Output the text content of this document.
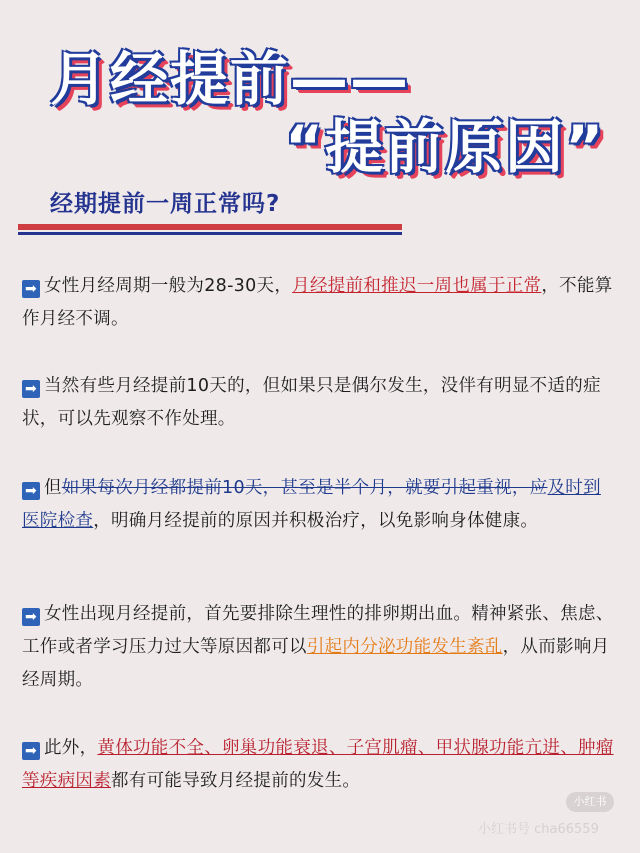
月经提前——
“提前原因”
经期提前一周正常吗?
➡ 女性月经周期一般为28-30天，月经提前和推迟一周也属于正常，不能算作月经不调。
➡ 当然有些月经提前10天的，但如果只是偶尔发生，没伴有明显不适的症状，可以先观察不作处理。
➡ 但如果每次月经都提前10天，甚至是半个月，就要引起重视，应及时到医院检查，明确月经提前的原因并积极治疗，以免影响身体健康。
➡ 女性出现月经提前，首先要排除生理性的排卵期出血。精神紧张、焦虑、工作或者学习压力过大等原因都可以引起内分泌功能发生紊乱，从而影响月经周期。
➡ 此外，黄体功能不全、卵巢功能衰退、子宫肌瘤、甲状腺功能亢进、肿瘤等疾病因素都有可能导致月经提前的发生。
小红书
小红书号 cha66559
